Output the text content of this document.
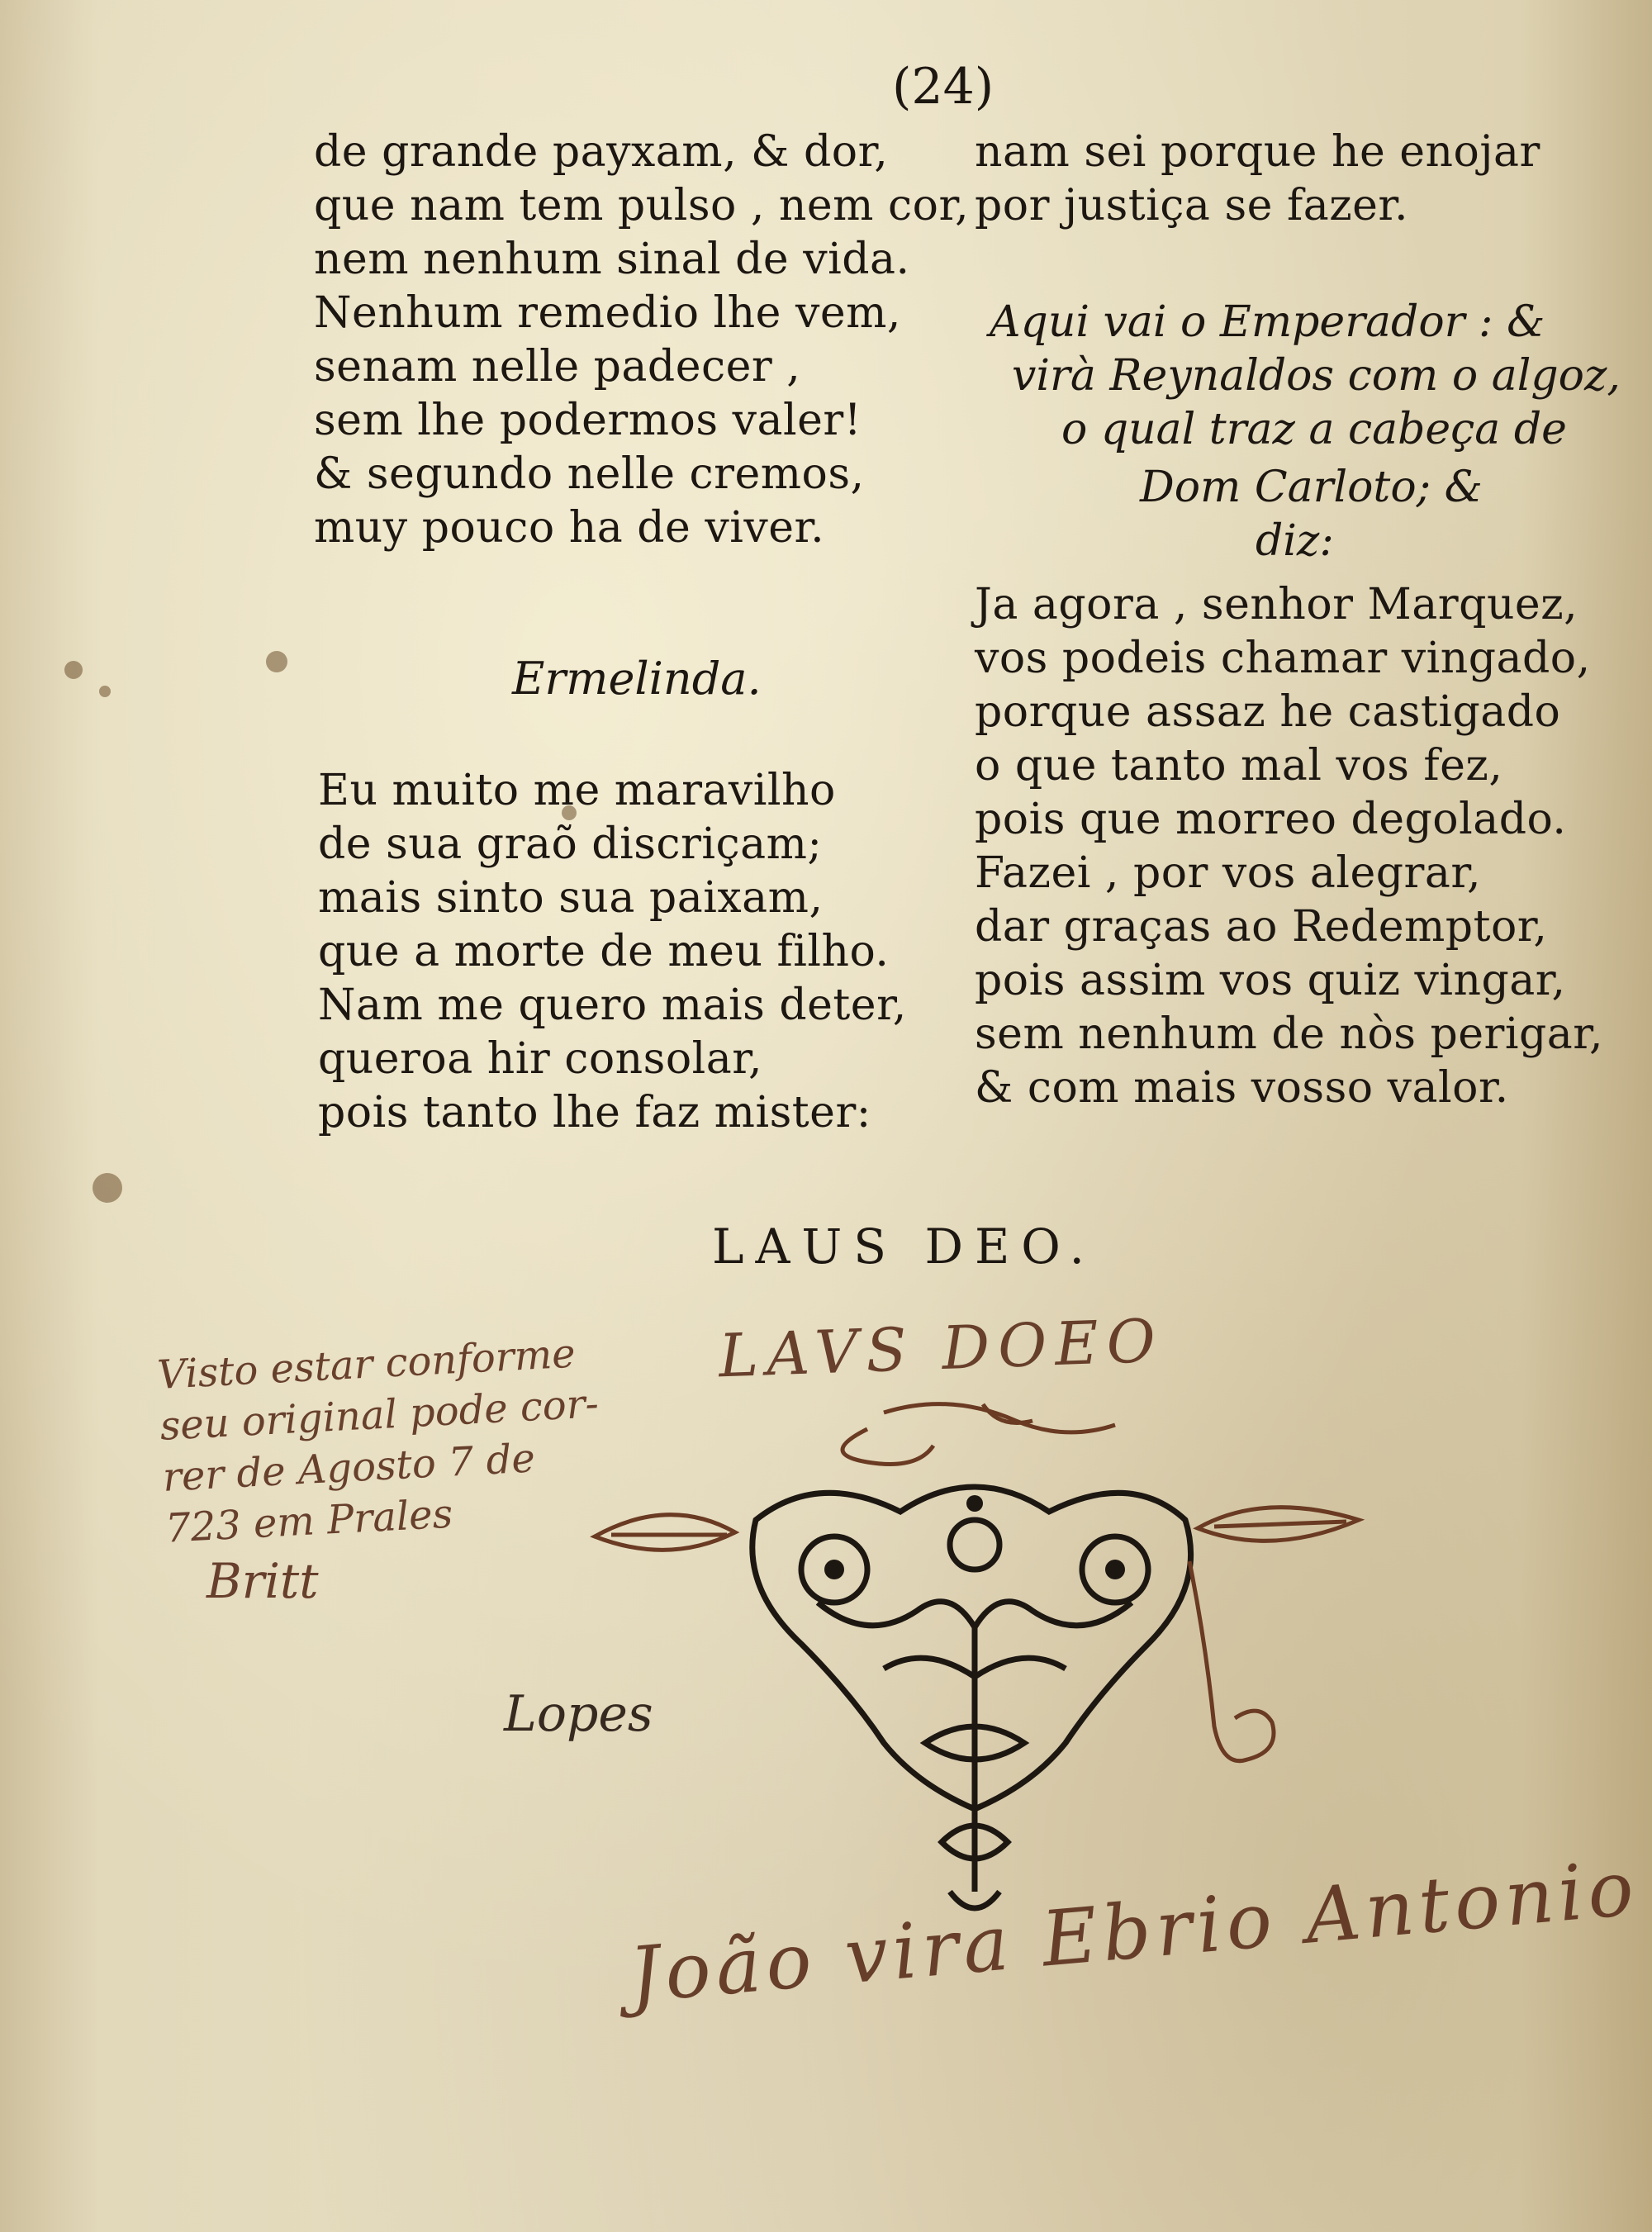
(24)
de grande payxam, & dor,
que nam tem pulso , nem cor,
nem nenhum sinal de vida.
Nenhum remedio lhe vem,
senam nelle padecer ,
sem lhe podermos valer!
& segundo nelle cremos,
muy pouco ha de viver.
Ermelinda.
Eu muito me maravilho
de sua graõ discriçam;
mais sinto sua paixam,
que a morte de meu filho.
Nam me quero mais deter,
queroa hir consolar,
pois tanto lhe faz mister:
nam sei porque he enojar
por justiça se fazer.
Aqui vai o Emperador : &
virà Reynaldos com o algoz,
o qual traz a cabeça de
Dom Carloto; &
diz:
Ja agora , senhor Marquez,
vos podeis chamar vingado,
porque assaz he castigado
o que tanto mal vos fez,
pois que morreo degolado.
Fazei , por vos alegrar,
dar graças ao Redemptor,
pois assim vos quiz vingar,
sem nenhum de nòs perigar,
& com mais vosso valor.
LAUS DEO.
LAVS DOEO
Visto estar conforme
seu original pode cor-
rer de Agosto 7 de
723 em Prales
Britt
Lopes
João vira Ebrio Antonio
